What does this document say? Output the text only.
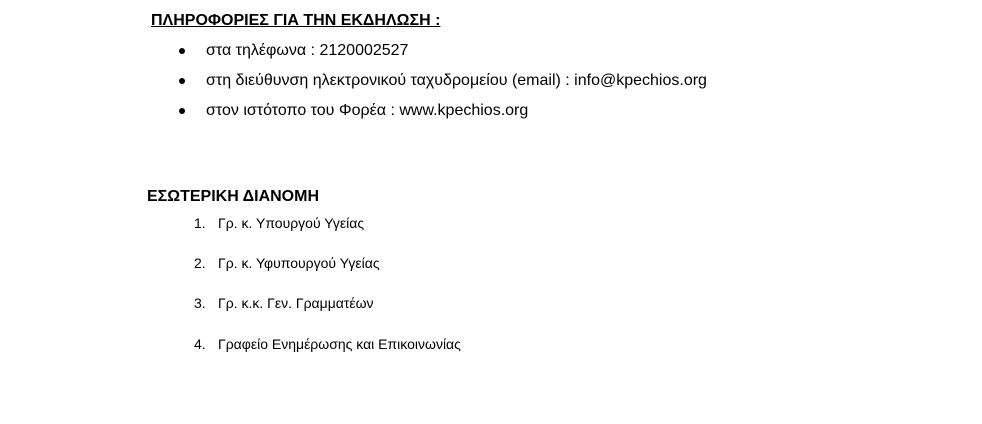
ΠΛΗΡΟΦΟΡΙΕΣ ΓΙΑ ΤΗΝ ΕΚΔΗΛΩΣΗ :
στα τηλέφωνα : 2120002527
στη διεύθυνση ηλεκτρονικού ταχυδρομείου (email) : info@kpechios.org
στον ιστότοπο του Φορέα : www.kpechios.org
ΕΣΩΤΕΡΙΚΗ ΔΙΑΝΟΜΗ
1. Γρ. κ. Υπουργού Υγείας
2. Γρ. κ. Υφυπουργού Υγείας
3. Γρ. κ.κ. Γεν. Γραμματέων
4. Γραφείο Ενημέρωσης και Επικοινωνίας
